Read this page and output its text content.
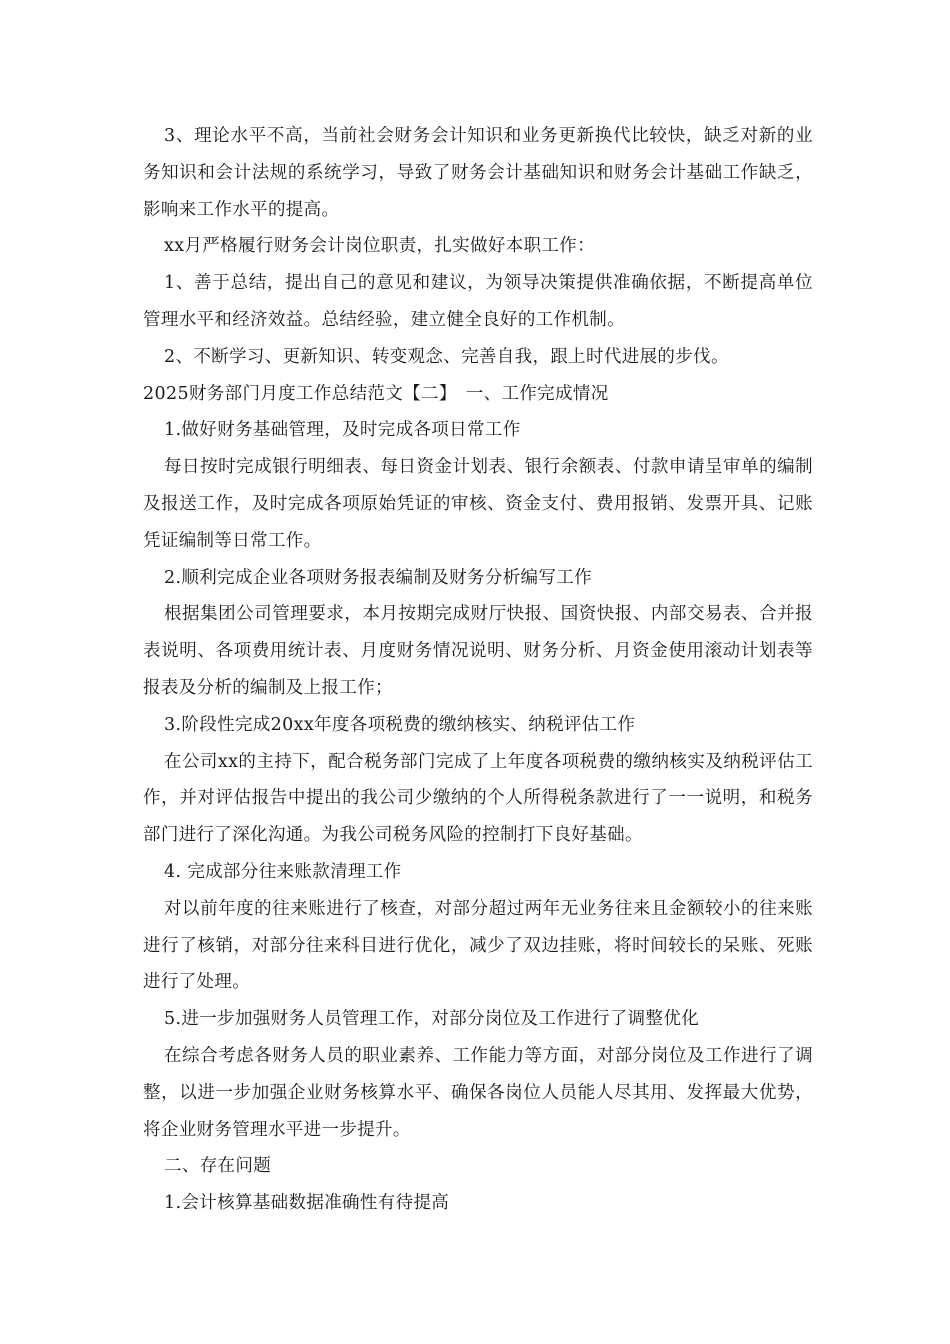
3、理论水平不高，当前社会财务会计知识和业务更新换代比较快，缺乏对新的业务知识和会计法规的系统学习，导致了财务会计基础知识和财务会计基础工作缺乏，影响来工作水平的提高。

xx月严格履行财务会计岗位职责，扎实做好本职工作：

1、善于总结，提出自己的意见和建议，为领导决策提供准确依据，不断提高单位管理水平和经济效益。总结经验，建立健全良好的工作机制。

2、不断学习、更新知识、转变观念、完善自我，跟上时代进展的步伐。

2025财务部门月度工作总结范文【二】　一、工作完成情况

1.做好财务基础管理，及时完成各项日常工作

每日按时完成银行明细表、每日资金计划表、银行余额表、付款申请呈审单的编制及报送工作，及时完成各项原始凭证的审核、资金支付、费用报销、发票开具、记账凭证编制等日常工作。

2.顺利完成企业各项财务报表编制及财务分析编写工作

根据集团公司管理要求，本月按期完成财厅快报、国资快报、内部交易表、合并报表说明、各项费用统计表、月度财务情况说明、财务分析、月资金使用滚动计划表等报表及分析的编制及上报工作；

3.阶段性完成20xx年度各项税费的缴纳核实、纳税评估工作

在公司xx的主持下，配合税务部门完成了上年度各项税费的缴纳核实及纳税评估工作，并对评估报告中提出的我公司少缴纳的个人所得税条款进行了一一说明，和税务部门进行了深化沟通。为我公司税务风险的控制打下良好基础。

4. 完成部分往来账款清理工作

对以前年度的往来账进行了核查，对部分超过两年无业务往来且金额较小的往来账进行了核销，对部分往来科目进行优化，减少了双边挂账，将时间较长的呆账、死账进行了处理。

5.进一步加强财务人员管理工作，对部分岗位及工作进行了调整优化

在综合考虑各财务人员的职业素养、工作能力等方面，对部分岗位及工作进行了调整，以进一步加强企业财务核算水平、确保各岗位人员能人尽其用、发挥最大优势，将企业财务管理水平进一步提升。

二、存在问题

1.会计核算基础数据准确性有待提高
